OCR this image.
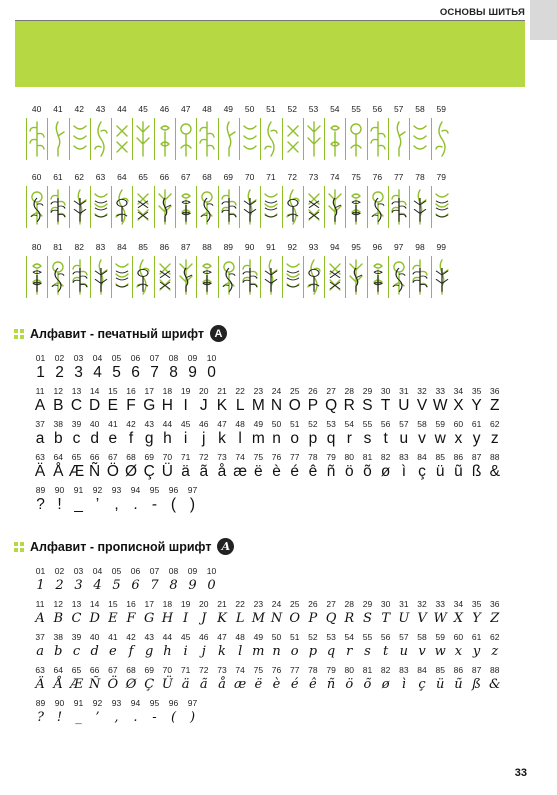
ОСНОВЫ ШИТЬЯ
40	41	42	43	44	45	46	47	48	49	50	51	52	53	54	55	56	57	58	59
60	61	62	63	64	65	66	67	68	69	70	71	72	73	74	75	76	77	78	79
80	81	82	83	84	85	86	87	88	89	90	91	92	93	94	95	96	97	98	99
Алфавит - печатный шрифт A
01	02	03	04	05	06	07	08	09	10
1 2 3 4 5 6 7 8 9 0
11	12	13	14	15	16	17	18	19	20	21	22	23	24	25	26	27	28	29	30	31	32	33	34	35	36
A B C D E F G H I J K L M N O P Q R S T U V W X Y Z
37	38	39	40	41	42	43	44	45	46	47	48	49	50	51	52	53	54	55	56	57	58	59	60	61	62
a b c d e f g h i j k l m n o p q r s t u v w x y z
63	64	65	66	67	68	69	70	71	72	73	74	75	76	77	78	79	80	81	82	83	84	85	86	87	88
Ä Å Æ Ñ Ö Ø Ç Ü ä ã å æ ë è é ê ñ ö õ ø ì ç ü ũ ß &
89	90	91	92	93	94	95	96	97
? ! _ ’ , . - ( )
Алфавит - прописной шрифт A
01	02	03	04	05	06	07	08	09	10
1 2 3 4 5 6 7 8 9 0
11	12	13	14	15	16	17	18	19	20	21	22	23	24	25	26	27	28	29	30	31	32	33	34	35	36
A B C D E F G H I	J K L M N O P Q R S T U V W X Y Z
37	38	39	40	41	42	43	44	45	46	47	48	49	50	51	52	53	54	55	56	57	58	59	60	61	62
a b c d e f g h i	j k l m n o p q r s t u v w x y z
63	64	65	66	67	68	69	70	71	72	73	74	75	76	77	78	79	80	81	82	83	84	85	86	87	88
Ä Å Æ Ñ Ö Ø Ç Ü ä ã å æ ë è é ê ñ ö õ ø ì ç ü ũ ß &
89	90	91	92	93	94	95	96	97
? !	_	’	,	.	-	(	)
33
